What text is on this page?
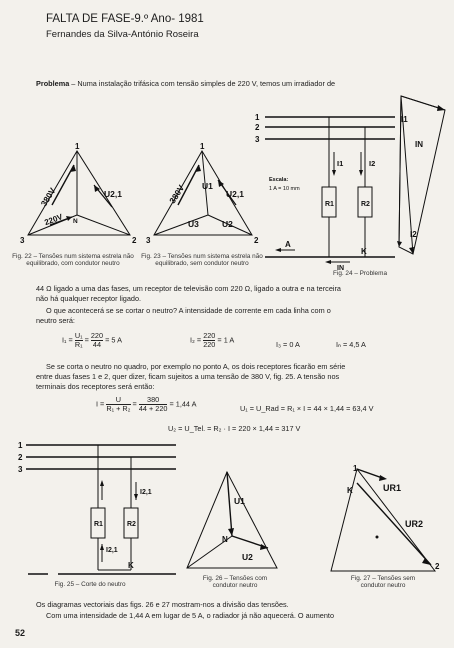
FALTA DE FASE-9.º Ano- 1981
Fernandes da Silva-António Roseira
Problema – Numa instalação trifásica com tensão simples de 220 V, temos um irradiador de
1
3	2
380V
220V
U2,1
N
Fig. 22 – Tensões num sistema estrela não equilibrado, com condutor neutro
1
3	2
380V U1
U2,1
U3	U2
Fig. 23 – Tensões num sistema estrela não equilibrado, sem condutor neutro
1
2
3
Escala:
1 A = 10 mm
I1	I2
R1	R2
A
K
IN
I1
IN
I2
Fig. 24 – Problema
44 Ω ligado a uma das fases, um receptor de televisão com 220 Ω, ligado a outra e na terceira
não há qualquer receptor ligado.
O que acontecerá se se cortar o neutro? A intensidade de corrente em cada linha com o
neutro será:
$I_1 = \frac{\text{U₁}}{\text{R₁}} = \frac{220}{44} = 5$ A	$I_2 = \frac{220}{220} = 1$ A
I₃ = 0 A	Iₙ = 4,5 A
Se se corta o neutro no quadro, por exemplo no ponto A, os dois receptores ficarão em série
entre duas fases 1 e 2, quer dizer, ficam sujeitos a uma tensão de 380 V, fig. 25. A tensão nos
terminais dos receptores será então:
$I = \frac{U}{\text{R₁ + R₂}} = \frac{380}{44 + 220} = 1,44$ A
U₁ = U_Rad = R₁ × I = 44 × 1,44 = 63,4 V
U₂ = U_Tel. = R₂ · I = 220 × 1,44 = 317 V
1
2
3
I2,1
I2,1
R1	R2
K
Fig. 25 – Corte do neutro
U1
U2
N
Fig. 26 – Tensões com condutor neutro
1
2
UR1
UR2
K
Fig. 27 – Tensões sem condutor neutro
Os diagramas vectoriais das figs. 26 e 27 mostram-nos a divisão das tensões.
Com uma intensidade de 1,44 A em lugar de 5 A, o radiador já não aquecerá. O aumento
52
